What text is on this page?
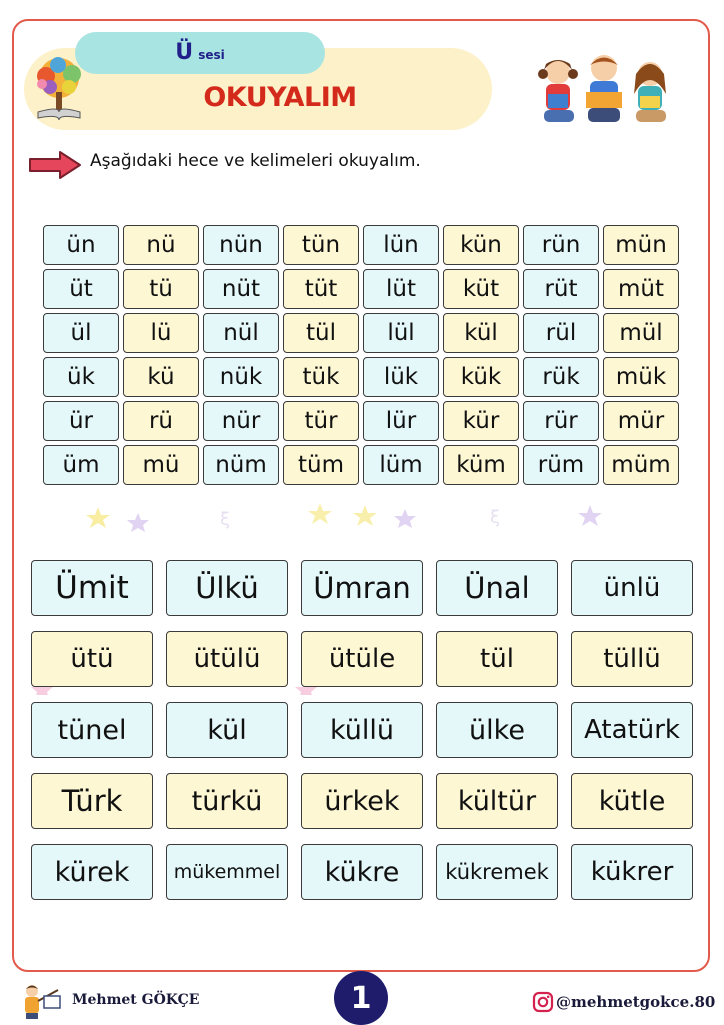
Ü sesi
OKUYALIM
Aşağıdaki hece ve kelimeleri okuyalım.
ün	nü	nün	tün	lün	kün	rün	mün
üt	tü	nüt	tüt	lüt	küt	rüt	müt
ül	lü	nül	tül	lül	kül	rül	mül
ük	kü	nük	tük	lük	kük	rük	mük
ür	rü	nür	tür	lür	kür	rür	mür
üm	mü	nüm	tüm	lüm	küm	rüm	müm
ξ	ξ
Ümit	Ülkü	Ümran	Ünal	ünlü
ütü	ütülü	ütüle	tül	tüllü
tünel	kül	küllü	ülke	Atatürk
Türk	türkü	ürkek	kültür	kütle
kürek	mükemmel	kükre	kükremek	kükrer
Mehmet GÖKÇE	1	@mehmetgokce.80
